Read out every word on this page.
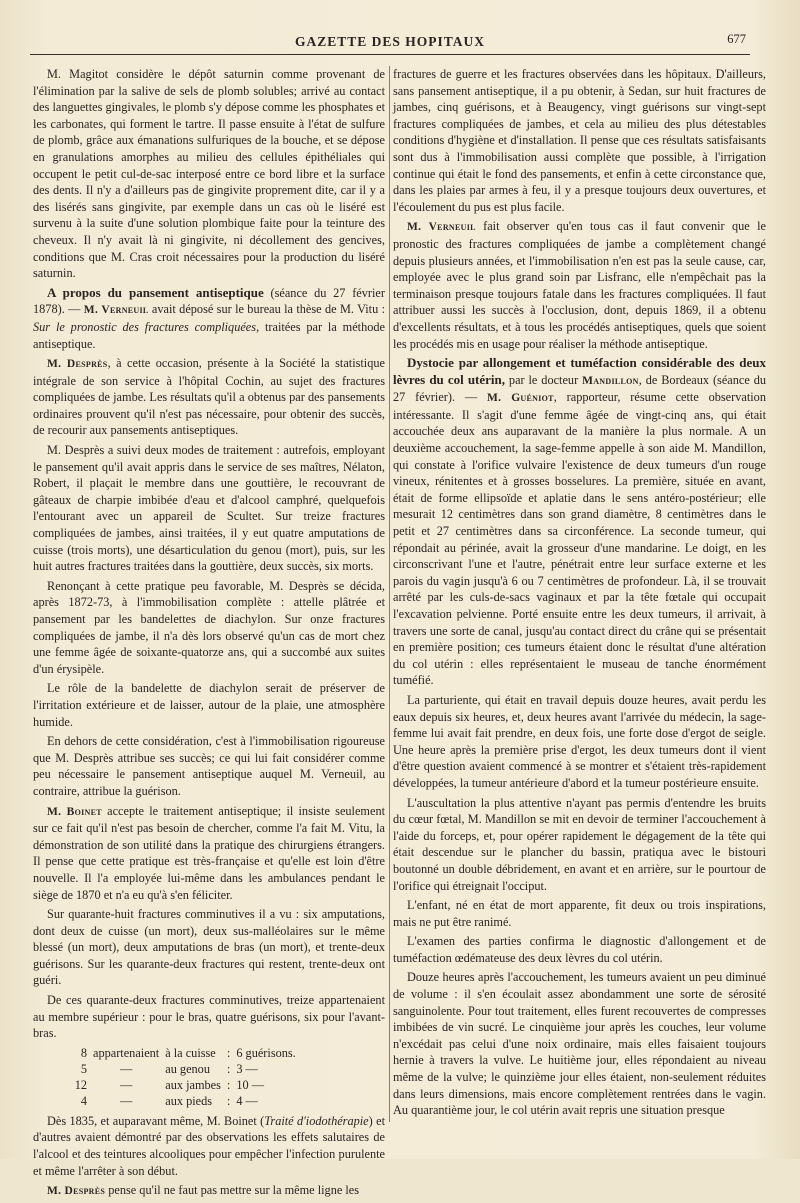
GAZETTE DES HOPITAUX	677

M. Magitot considère le dépôt saturnin comme provenant de l'élimination par la salive de sels de plomb solubles; arrivé au contact des languettes gingivales, le plomb s'y dépose comme les phosphates et les carbonates, qui forment le tartre. Il passe ensuite à l'état de sulfure de plomb, grâce aux émanations sulfuriques de la bouche, et se dépose en granulations amorphes au milieu des cellules épithéliales qui occupent le petit cul-de-sac interposé entre ce bord libre et la surface des dents. Il n'y a d'ailleurs pas de gingivite proprement dite, car il y a des lisérés sans gingivite, par exemple dans un cas où le liséré est survenu à la suite d'une solution plombique faite pour la teinture des cheveux. Il n'y avait là ni gingivite, ni décollement des gencives, conditions que M. Cras croit nécessaires pour la production du liséré saturnin.

A propos du pansement antiseptique (séance du 27 février 1878). — M. Verneuil avait déposé sur le bureau la thèse de M. Vitu : Sur le pronostic des fractures compliquées, traitées par la méthode antiseptique.

M. Desprès, à cette occasion, présente à la Société la statistique intégrale de son service à l'hôpital Cochin, au sujet des fractures compliquées de jambe. Les résultats qu'il a obtenus par des pansements ordinaires prouvent qu'il n'est pas nécessaire, pour obtenir des succès, de recourir aux pansements antiseptiques.

M. Desprès a suivi deux modes de traitement : autrefois, employant le pansement qu'il avait appris dans le service de ses maîtres, Nélaton, Robert, il plaçait le membre dans une gouttière, le recouvrant de gâteaux de charpie imbibée d'eau et d'alcool camphré, quelquefois l'entourant avec un appareil de Scultet. Sur treize fractures compliquées de jambes, ainsi traitées, il y eut quatre amputations de cuisse (trois morts), une désarticulation du genou (mort), puis, sur les huit autres fractures traitées dans la gouttière, deux succès, six morts.

Renonçant à cette pratique peu favorable, M. Desprès se décida, après 1872-73, à l'immobilisation complète : attelle plâtrée et pansement par les bandelettes de diachylon. Sur onze fractures compliquées de jambe, il n'a dès lors observé qu'un cas de mort chez une femme âgée de soixante-quatorze ans, qui a succombé aux suites d'un érysipèle.

Le rôle de la bandelette de diachylon serait de préserver de l'irritation extérieure et de laisser, autour de la plaie, une atmosphère humide.

En dehors de cette considération, c'est à l'immobilisation rigoureuse que M. Desprès attribue ses succès; ce qui lui fait considérer comme peu nécessaire le pansement antiseptique auquel M. Verneuil, au contraire, attribue la guérison.

M. Boinet accepte le traitement antiseptique; il insiste seulement sur ce fait qu'il n'est pas besoin de chercher, comme l'a fait M. Vitu, la démonstration de son utilité dans la pratique des chirurgiens étrangers. Il pense que cette pratique est très-française et qu'elle est loin d'être nouvelle. Il l'a employée lui-même dans les ambulances pendant le siège de 1870 et n'a eu qu'à s'en féliciter.

Sur quarante-huit fractures comminutives il a vu : six amputations, dont deux de cuisse (un mort), deux sus-malléolaires sur le même blessé (un mort), deux amputations de bras (un mort), et trente-deux guérisons. Sur les quarante-deux fractures qui restent, trente-deux ont guéri.

De ces quarante-deux fractures comminutives, treize appartenaient au membre supérieur : pour le bras, quatre guérisons, six pour l'avant-bras.

8	appartenaient	à la cuisse	:	6 guérisons.
5	—	au genou	:	3 —
12	—	aux jambes	:	10 —
4	—	aux pieds	:	4 —

Dès 1835, et auparavant même, M. Boinet (Traité d'iodothérapie) et d'autres avaient démontré par des observations les effets salutaires de l'alcool et des teintures alcooliques pour empêcher l'infection purulente et même l'arrêter à son début.

M. Desprès pense qu'il ne faut pas mettre sur la même ligne les

fractures de guerre et les fractures observées dans les hôpitaux. D'ailleurs, sans pansement antiseptique, il a pu obtenir, à Sedan, sur huit fractures de jambes, cinq guérisons, et à Beaugency, vingt guérisons sur vingt-sept fractures compliquées de jambes, et cela au milieu des plus détestables conditions d'hygiène et d'installation. Il pense que ces résultats satisfaisants sont dus à l'immobilisation aussi complète que possible, à l'irrigation continue qui était le fond des pansements, et enfin à cette circonstance que, dans les plaies par armes à feu, il y a presque toujours deux ouvertures, et l'écoulement du pus est plus facile.

M. Verneuil fait observer qu'en tous cas il faut convenir que le pronostic des fractures compliquées de jambe a complètement changé depuis plusieurs années, et l'immobilisation n'en est pas la seule cause, car, employée avec le plus grand soin par Lisfranc, elle n'empêchait pas la terminaison presque toujours fatale dans les fractures compliquées. Il faut attribuer aussi les succès à l'occlusion, dont, depuis 1869, il a obtenu d'excellents résultats, et à tous les procédés antiseptiques, quels que soient les procédés mis en usage pour réaliser la méthode antiseptique.

Dystocie par allongement et tuméfaction considérable des deux lèvres du col utérin, par le docteur Mandillon, de Bordeaux (séance du 27 février). — M. Guéniot, rapporteur, résume cette observation intéressante. Il s'agit d'une femme âgée de vingt-cinq ans, qui était accouchée deux ans auparavant de la manière la plus normale. A un deuxième accouchement, la sage-femme appelle à son aide M. Mandillon, qui constate à l'orifice vulvaire l'existence de deux tumeurs d'un rouge vineux, rénitentes et à grosses bosselures. La première, située en avant, était de forme ellipsoïde et aplatie dans le sens antéro-postérieur; elle mesurait 12 centimètres dans son grand diamètre, 8 centimètres dans le petit et 27 centimètres dans sa circonférence. La seconde tumeur, qui répondait au périnée, avait la grosseur d'une mandarine. Le doigt, en les circonscrivant l'une et l'autre, pénétrait entre leur surface externe et les parois du vagin jusqu'à 6 ou 7 centimètres de profondeur. Là, il se trouvait arrêté par les culs-de-sacs vaginaux et par la tête fœtale qui occupait l'excavation pelvienne. Porté ensuite entre les deux tumeurs, il arrivait, à travers une sorte de canal, jusqu'au contact direct du crâne qui se présentait en première position; ces tumeurs étaient donc le résultat d'une altération du col utérin : elles représentaient le museau de tanche énormément tuméfié.

La parturiente, qui était en travail depuis douze heures, avait perdu les eaux depuis six heures, et, deux heures avant l'arrivée du médecin, la sage-femme lui avait fait prendre, en deux fois, une forte dose d'ergot de seigle. Une heure après la première prise d'ergot, les deux tumeurs dont il vient d'être question avaient commencé à se montrer et s'étaient très-rapidement développées, la tumeur antérieure d'abord et la tumeur postérieure ensuite.

L'auscultation la plus attentive n'ayant pas permis d'entendre les bruits du cœur fœtal, M. Mandillon se mit en devoir de terminer l'accouchement à l'aide du forceps, et, pour opérer rapidement le dégagement de la tête qui était descendue sur le plancher du bassin, pratiqua avec le bistouri boutonné un double débridement, en avant et en arrière, sur le pourtour de l'orifice qui étreignait l'occiput.

L'enfant, né en état de mort apparente, fit deux ou trois inspirations, mais ne put être ranimé.

L'examen des parties confirma le diagnostic d'allongement et de tuméfaction œdémateuse des deux lèvres du col utérin.

Douze heures après l'accouchement, les tumeurs avaient un peu diminué de volume : il s'en écoulait assez abondamment une sorte de sérosité sanguinolente. Pour tout traitement, elles furent recouvertes de compresses imbibées de vin sucré. Le cinquième jour après les couches, leur volume n'excédait pas celui d'une noix ordinaire, mais elles faisaient toujours hernie à travers la vulve. Le huitième jour, elles répondaient au niveau même de la vulve; le quinzième jour elles étaient, non-seulement réduites dans leurs dimensions, mais encore complètement rentrées dans le vagin. Au quarantième jour, le col utérin avait repris une situation presque
